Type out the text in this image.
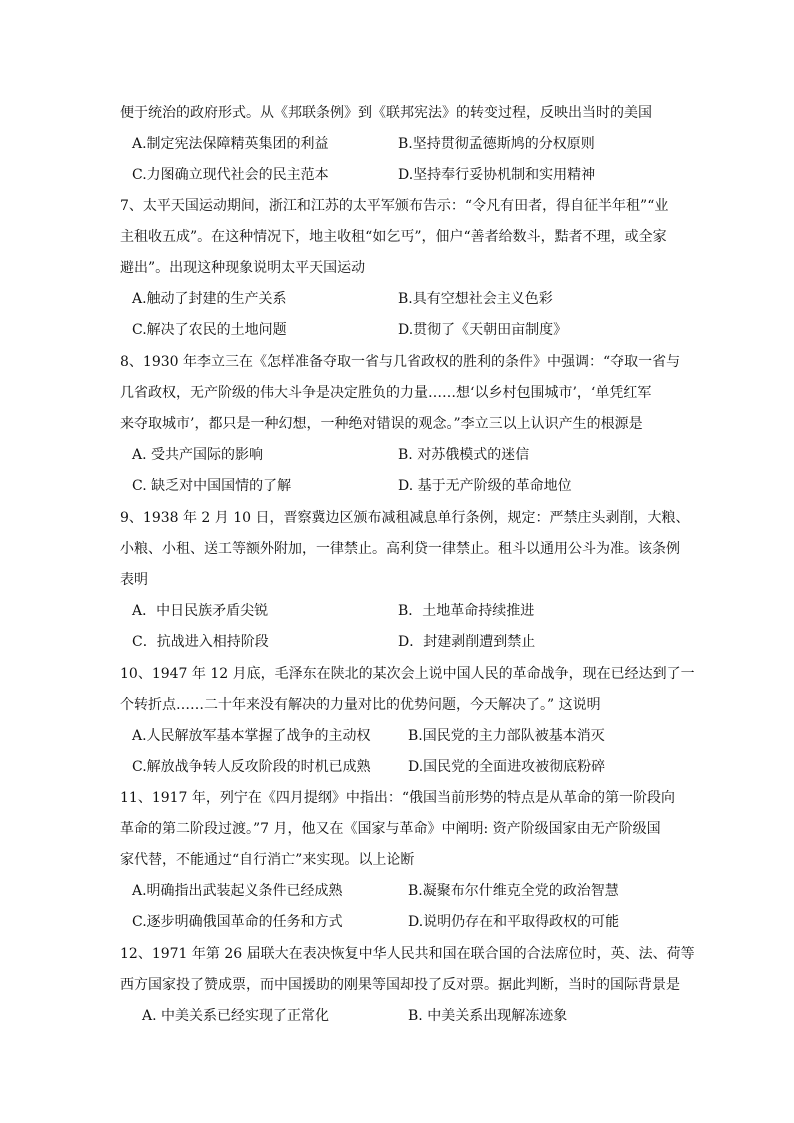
便于统治的政府形式。从《邦联条例》到《联邦宪法》的转变过程，反映出当时的美国
A.制定宪法保障精英集团的利益	B.坚持贯彻孟德斯鸠的分权原则
C.力图确立现代社会的民主范本	D.坚持奉行妥协机制和实用精神
7、太平天国运动期间，浙江和江苏的太平军颁布告示：“令凡有田者，得自征半年租”“业
主租收五成”。在这种情况下，地主收租“如乞丐”，佃户“善者给数斗，黠者不理，或全家
避出”。出现这种现象说明太平天国运动
A.触动了封建的生产关系	B.具有空想社会主义色彩
C.解决了农民的土地问题	D.贯彻了《天朝田亩制度》
8、1930 年李立三在《怎样准备夺取一省与几省政权的胜利的条件》中强调：“夺取一省与
几省政权，无产阶级的伟大斗争是决定胜负的力量……想‘以乡村包围城市’，‘单凭红军
来夺取城市’，都只是一种幻想，一种绝对错误的观念。”李立三以上认识产生的根源是
A. 受共产国际的影响	B. 对苏俄模式的迷信
C. 缺乏对中国国情的了解	D. 基于无产阶级的革命地位
9、1938 年 2 月 10 日，晋察冀边区颁布减租减息单行条例，规定：严禁庄头剥削，大粮、
小粮、小租、送工等额外附加，一律禁止。高利贷一律禁止。租斗以通用公斗为准。该条例
表明
A．中日民族矛盾尖锐	B．土地革命持续推进
C．抗战进入相持阶段	D．封建剥削遭到禁止
10、1947 年 12 月底，毛泽东在陕北的某次会上说中国人民的革命战争，现在已经达到了一
个转折点……二十年来没有解决的力量对比的优势问题，今天解决了。” 这说明
A.人民解放军基本掌握了战争的主动权	B.国民党的主力部队被基本消灭
C.解放战争转人反攻阶段的时机已成熟	D.国民党的全面进攻被彻底粉碎
11、1917 年，列宁在《四月提纲》中指出：“俄国当前形势的特点是从革命的第一阶段向
革命的第二阶段过渡。”7 月，他又在《国家与革命》中阐明: 资产阶级国家由无产阶级国
家代替，不能通过“自行消亡”来实现。以上论断
A.明确指出武装起义条件已经成熟	B.凝聚布尔什维克全党的政治智慧
C.逐步明确俄国革命的任务和方式	D.说明仍存在和平取得政权的可能
12、1971 年第 26 届联大在表决恢复中华人民共和国在联合国的合法席位时，英、法、荷等
西方国家投了赞成票，而中国援助的刚果等国却投了反对票。据此判断，当时的国际背景是
A. 中美关系已经实现了正常化	B. 中美关系出现解冻迹象
